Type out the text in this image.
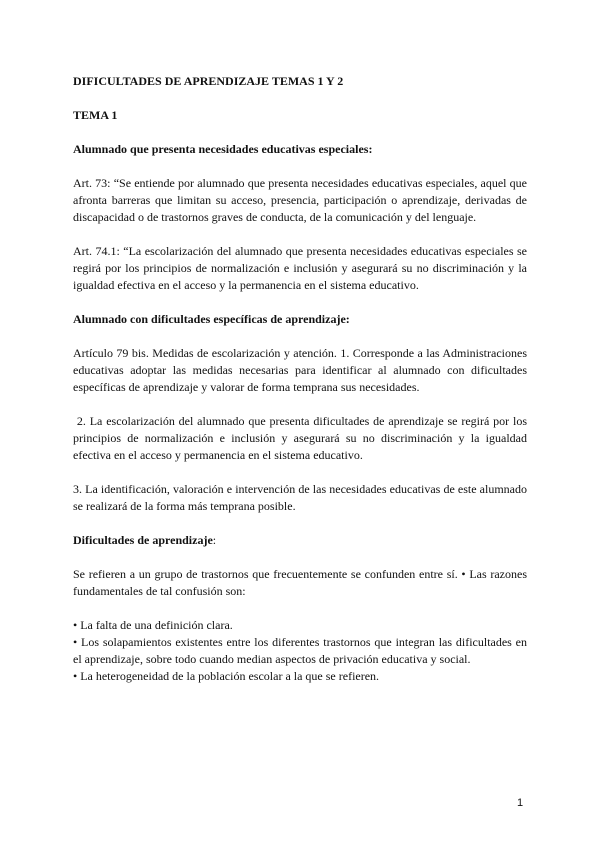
DIFICULTADES DE APRENDIZAJE TEMAS 1 Y 2
TEMA 1
Alumnado que presenta necesidades educativas especiales:

Art. 73: “Se entiende por alumnado que presenta necesidades educativas especiales, aquel que afronta barreras que limitan su acceso, presencia, participación o aprendizaje, derivadas de discapacidad o de trastornos graves de conducta, de la comunicación y del lenguaje.

Art. 74.1: “La escolarización del alumnado que presenta necesidades educativas especiales se regirá por los principios de normalización e inclusión y asegurará su no discriminación y la igualdad efectiva en el acceso y la permanencia en el sistema educativo.

Alumnado con dificultades específicas de aprendizaje:

Artículo 79 bis. Medidas de escolarización y atención. 1. Corresponde a las Administraciones educativas adoptar las medidas necesarias para identificar al alumnado con dificultades específicas de aprendizaje y valorar de forma temprana sus necesidades.

2. La escolarización del alumnado que presenta dificultades de aprendizaje se regirá por los principios de normalización e inclusión y asegurará su no discriminación y la igualdad efectiva en el acceso y permanencia en el sistema educativo.

3. La identificación, valoración e intervención de las necesidades educativas de este alumnado se realizará de la forma más temprana posible.

Dificultades de aprendizaje:

Se refieren a un grupo de trastornos que frecuentemente se confunden entre sí. • Las razones fundamentales de tal confusión son:

• La falta de una definición clara.
• Los solapamientos existentes entre los diferentes trastornos que integran las dificultades en el aprendizaje, sobre todo cuando median aspectos de privación educativa y social.
• La heterogeneidad de la población escolar a la que se refieren.
1
